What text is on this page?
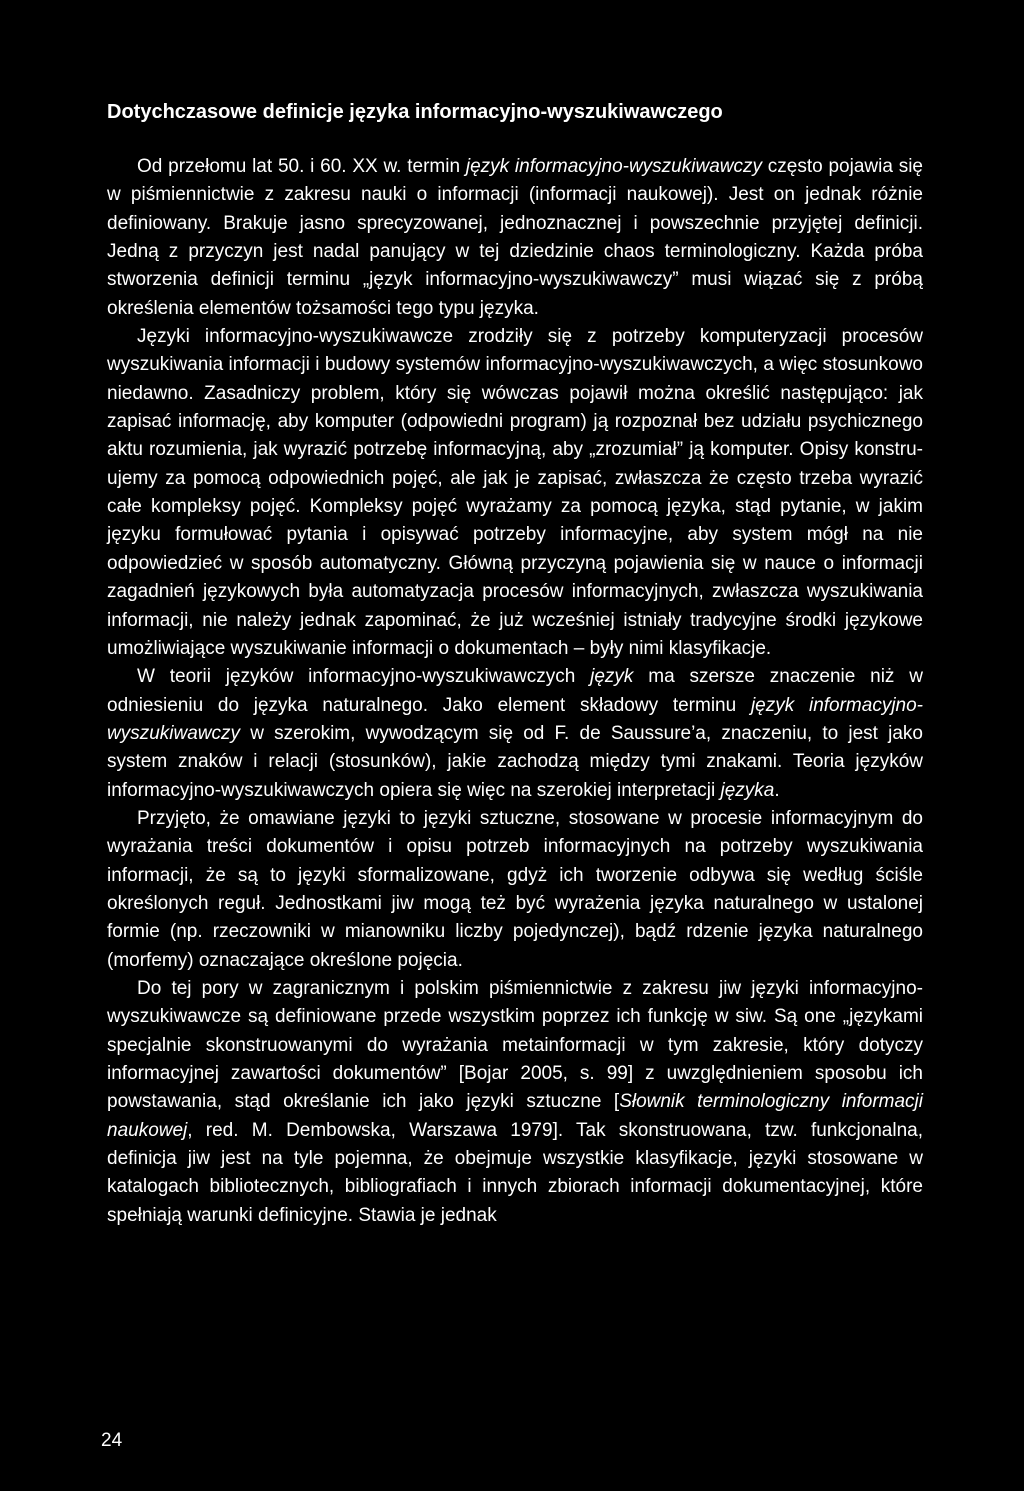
Dotychczasowe definicje języka informacyjno-wyszukiwawczego

Od przełomu lat 50. i 60. XX w. termin język informacyjno-wyszukiwawczy często pojawia się w piśmiennictwie z zakresu nauki o informacji (informacji naukowej). Jest on jednak różnie definiowany. Brakuje jasno sprecyzowanej, jednoznacznej i powszechnie przyjętej definicji. Jedną z przyczyn jest nadal panujący w tej dziedzinie chaos terminologiczny. Każda próba stworzenia definicji terminu „język informacyjno-wyszukiwawczy” musi wiązać się z próbą określenia elementów tożsamości tego typu języka.

Języki informacyjno-wyszukiwawcze zrodziły się z potrzeby komputeryzacji procesów wyszukiwania informacji i budowy systemów informacyjno-wyszukiwawczych, a więc stosunkowo niedawno. Zasadniczy problem, który się wówczas pojawił można określić następująco: jak zapisać informację, aby komputer (odpowiedni program) ją rozpoznał bez udziału psychicznego aktu rozumienia, jak wyrazić potrzebę informacyjną, aby „zrozumiał” ją komputer. Opisy konstruujemy za pomocą odpowiednich pojęć, ale jak je zapisać, zwłaszcza że często trzeba wyrazić całe kompleksy pojęć. Kompleksy pojęć wyrażamy za pomocą języka, stąd pytanie, w jakim języku formułować pytania i opisywać potrzeby informacyjne, aby system mógł na nie odpowiedzieć w sposób automatyczny. Główną przyczyną pojawienia się w nauce o informacji zagadnień językowych była automatyzacja procesów informacyjnych, zwłaszcza wyszukiwania informacji, nie należy jednak zapominać, że już wcześniej istniały tradycyjne środki językowe umożliwiające wyszukiwanie informacji o dokumentach – były nimi klasyfikacje.

W teorii języków informacyjno-wyszukiwawczych język ma szersze znaczenie niż w odniesieniu do języka naturalnego. Jako element składowy terminu język informacyjno-wyszukiwawczy w szerokim, wywodzącym się od F. de Saussure’a, znaczeniu, to jest jako system znaków i relacji (stosunków), jakie zachodzą między tymi znakami. Teoria języków informacyjno-wyszukiwawczych opiera się więc na szerokiej interpretacji języka.

Przyjęto, że omawiane języki to języki sztuczne, stosowane w procesie informacyjnym do wyrażania treści dokumentów i opisu potrzeb informacyjnych na potrzeby wyszukiwania informacji, że są to języki sformalizowane, gdyż ich tworzenie odbywa się według ściśle określonych reguł. Jednostkami jiw mogą też być wyrażenia języka naturalnego w ustalonej formie (np. rzeczowniki w mianowniku liczby pojedynczej), bądź rdzenie języka naturalnego (morfemy) oznaczające określone pojęcia.

Do tej pory w zagranicznym i polskim piśmiennictwie z zakresu jiw języki informacyjno-wyszukiwawcze są definiowane przede wszystkim poprzez ich funkcję w siw. Są one „językami specjalnie skonstruowanymi do wyrażania metainformacji w tym zakresie, który dotyczy informacyjnej zawartości dokumentów” [Bojar 2005, s. 99] z uwzględnieniem sposobu ich powstawania, stąd określanie ich jako języki sztuczne [Słownik terminologiczny informacji naukowej, red. M. Dembowska, Warszawa 1979]. Tak skonstruowana, tzw. funkcjonalna, definicja jiw jest na tyle pojemna, że obejmuje wszystkie klasyfikacje, języki stosowane w katalogach bibliotecznych, bibliografiach i innych zbiorach informacji dokumentacyjnej, które spełniają warunki definicyjne. Stawia je jednak

24
